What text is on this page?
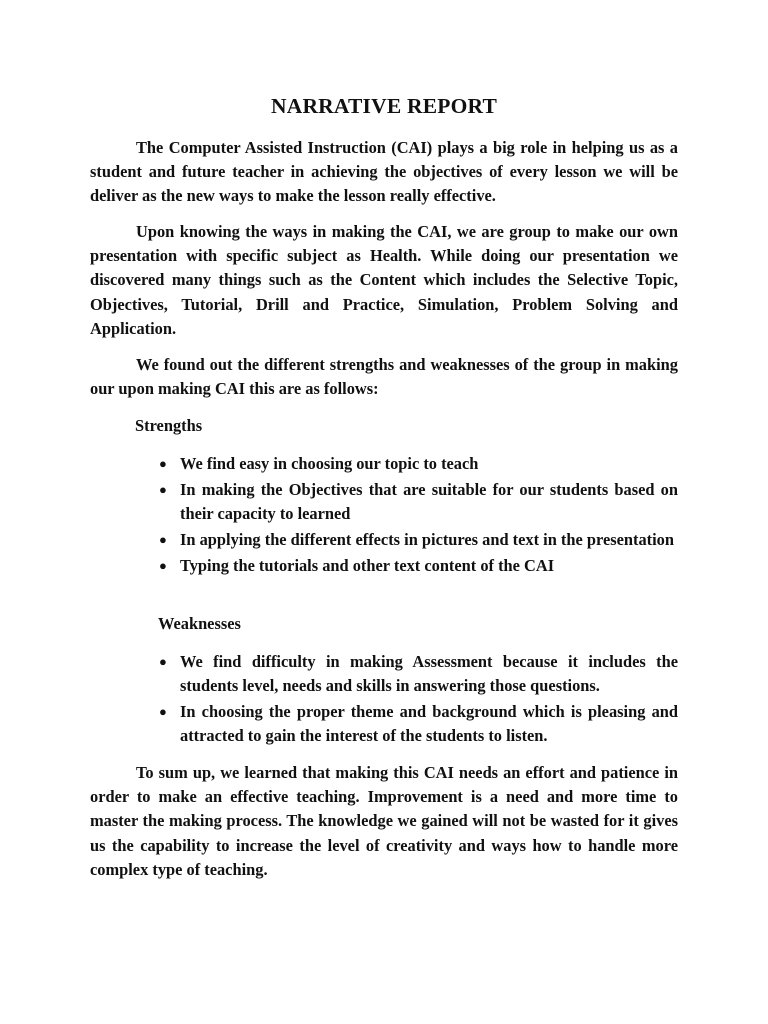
NARRATIVE REPORT

The Computer Assisted Instruction (CAI) plays a big role in helping us as a student and future teacher in achieving the objectives of every lesson we will be deliver as the new ways to make the lesson really effective.

Upon knowing the ways in making the CAI, we are group to make our own presentation with specific subject as Health. While doing our presentation we discovered many things such as the Content which includes the Selective Topic, Objectives, Tutorial, Drill and Practice, Simulation, Problem Solving and Application.

We found out the different strengths and weaknesses of the group in making our upon making CAI this are as follows:

Strengths

● We find easy in choosing our topic to teach
● In making the Objectives that are suitable for our students based on their capacity to learned
● In applying the different effects in pictures and text in the presentation
● Typing the tutorials and other text content of the CAI

Weaknesses

● We find difficulty in making Assessment because it includes the students level, needs and skills in answering those questions.
● In choosing the proper theme and background which is pleasing and attracted to gain the interest of the students to listen.

To sum up, we learned that making this CAI needs an effort and patience in order to make an effective teaching. Improvement is a need and more time to master the making process. The knowledge we gained will not be wasted for it gives us the capability to increase the level of creativity and ways how to handle more complex type of teaching.
